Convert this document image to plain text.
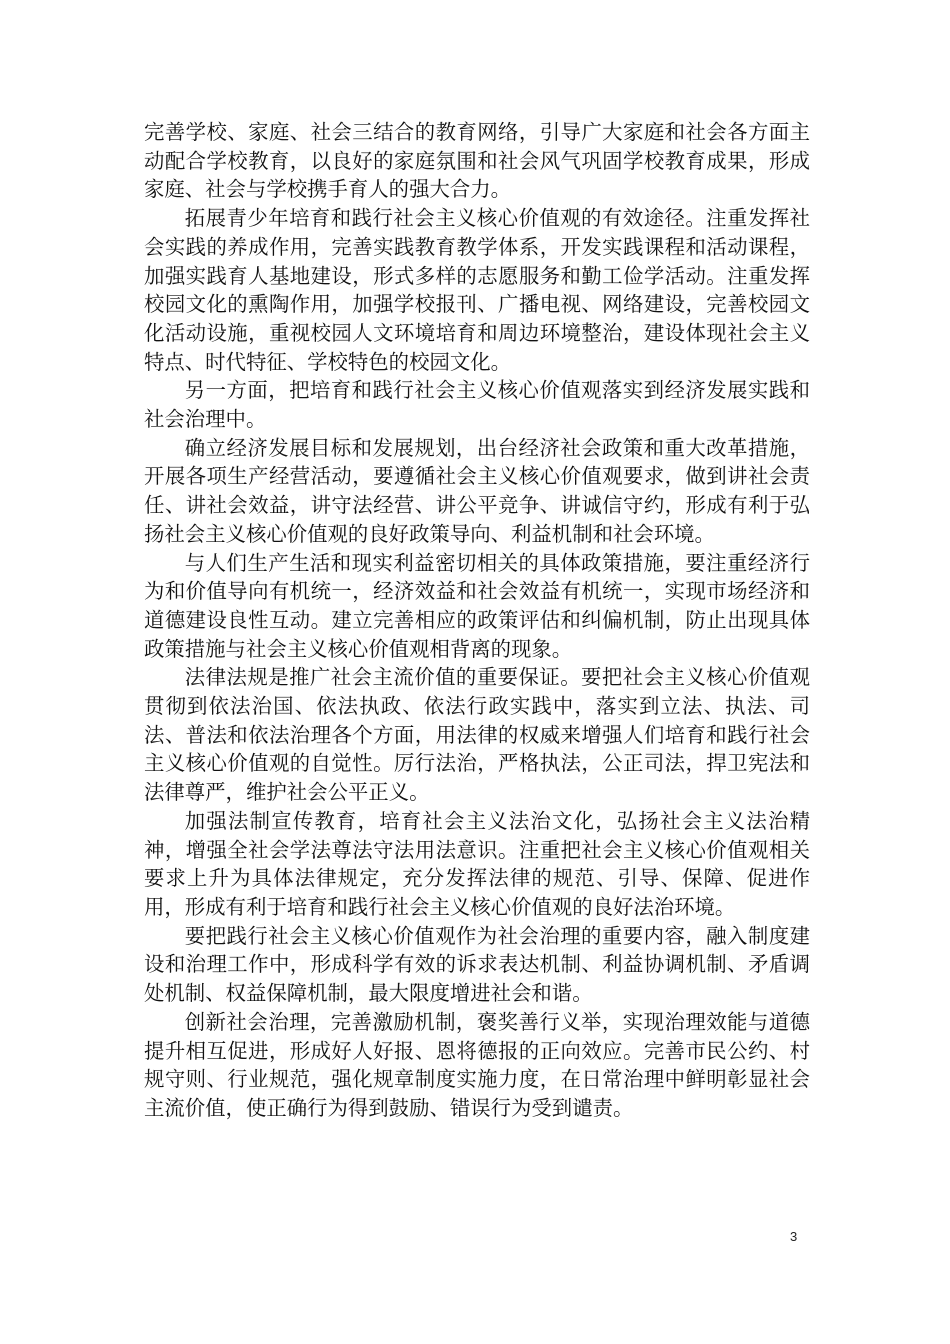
完善学校、家庭、社会三结合的教育网络，引导广大家庭和社会各方面主动配合学校教育，以良好的家庭氛围和社会风气巩固学校教育成果，形成家庭、社会与学校携手育人的强大合力。

拓展青少年培育和践行社会主义核心价值观的有效途径。注重发挥社会实践的养成作用，完善实践教育教学体系，开发实践课程和活动课程，加强实践育人基地建设，形式多样的志愿服务和勤工俭学活动。注重发挥校园文化的熏陶作用，加强学校报刊、广播电视、网络建设，完善校园文化活动设施，重视校园人文环境培育和周边环境整治，建设体现社会主义特点、时代特征、学校特色的校园文化。

另一方面，把培育和践行社会主义核心价值观落实到经济发展实践和社会治理中。

确立经济发展目标和发展规划，出台经济社会政策和重大改革措施，开展各项生产经营活动，要遵循社会主义核心价值观要求，做到讲社会责任、讲社会效益，讲守法经营、讲公平竞争、讲诚信守约，形成有利于弘扬社会主义核心价值观的良好政策导向、利益机制和社会环境。

与人们生产生活和现实利益密切相关的具体政策措施，要注重经济行为和价值导向有机统一，经济效益和社会效益有机统一，实现市场经济和道德建设良性互动。建立完善相应的政策评估和纠偏机制，防止出现具体政策措施与社会主义核心价值观相背离的现象。

法律法规是推广社会主流价值的重要保证。要把社会主义核心价值观贯彻到依法治国、依法执政、依法行政实践中，落实到立法、执法、司法、普法和依法治理各个方面，用法律的权威来增强人们培育和践行社会主义核心价值观的自觉性。厉行法治，严格执法，公正司法，捍卫宪法和法律尊严，维护社会公平正义。

加强法制宣传教育，培育社会主义法治文化，弘扬社会主义法治精神，增强全社会学法尊法守法用法意识。注重把社会主义核心价值观相关要求上升为具体法律规定，充分发挥法律的规范、引导、保障、促进作用，形成有利于培育和践行社会主义核心价值观的良好法治环境。

要把践行社会主义核心价值观作为社会治理的重要内容，融入制度建设和治理工作中，形成科学有效的诉求表达机制、利益协调机制、矛盾调处机制、权益保障机制，最大限度增进社会和谐。

创新社会治理，完善激励机制，褒奖善行义举，实现治理效能与道德提升相互促进，形成好人好报、恩将德报的正向效应。完善市民公约、村规守则、行业规范，强化规章制度实施力度，在日常治理中鲜明彰显社会主流价值，使正确行为得到鼓励、错误行为受到谴责。

3
